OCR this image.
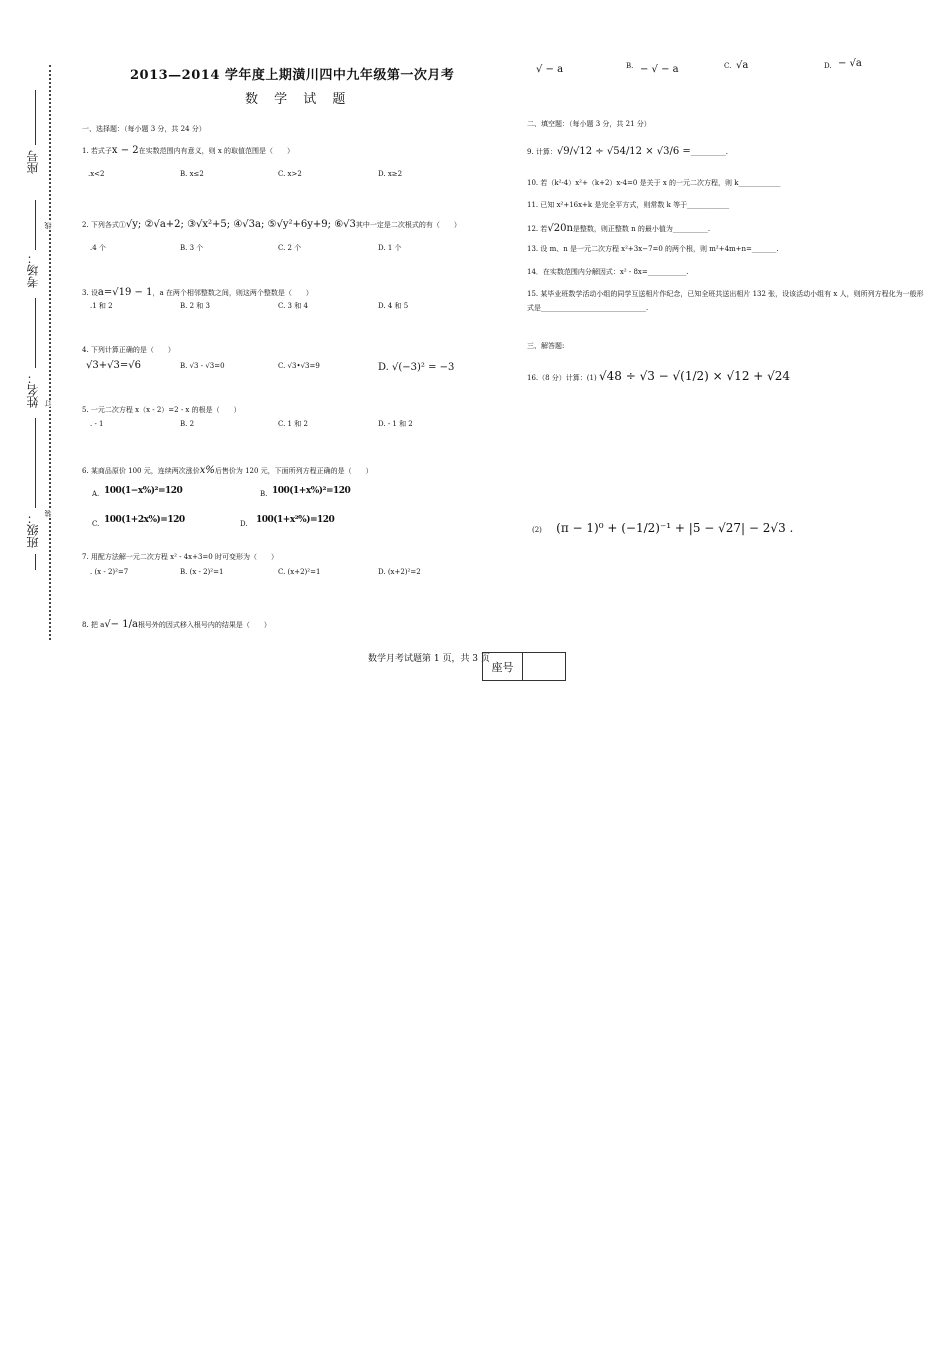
座号
考场：
姓名：
班级：
线
订
装
2013—2014 学年度上期潢川四中九年级第一次月考
数 学 试 题
一、选择题：（每小题 3 分，共 24 分）
1. 若式子x − 2在实数范围内有意义，则 x 的取值范围是（　　）
.x<2	B. x≤2	C. x>2	D. x≥2
2. 下列各式①√y; ②√a+2; ③√x²+5; ④√3a; ⑤√y²+6y+9; ⑥√3其中一定是二次根式的有（　　）
.4 个	B. 3 个	C. 2 个	D. 1 个
3. 设a=√19 − 1，a 在两个相邻整数之间，则这两个整数是（　　）
.1 和 2	B. 2 和 3	C. 3 和 4	D. 4 和 5
4. 下列计算正确的是（　　）
√3+√3=√6	B. √3 - √3=0	C. √3•√3=9	D. √(−3)² = −3
5. 一元二次方程 x（x - 2）=2 - x 的根是（　　）
. - 1	B. 2	C. 1 和 2	D. - 1 和 2
6. 某商品原价 100 元，连续两次涨价x%后售价为 120 元，下面所列方程正确的是（　　）
A. 100(1−x%)²=120	B. 100(1+x%)²=120
C. 100(1+2x%)=120	D. 100(1+x²%)=120
7. 用配方法解一元二次方程 x² - 4x+3=0 时可变形为（　　）
. (x - 2)²=7	B. (x - 2)²=1	C. (x+2)²=1	D. (x+2)²=2
8. 把 a√− 1/a根号外的因式移入根号内的结果是（　　）
√ − a	B. − √ − a	C. √a	D. − √a
二、填空题：（每小题 3 分，共 21 分）
9. 计算：√9/√12 ÷ √54/12 × √3/6 =__________.
10. 若（k²-4）x²+（k+2）x-4=0 是关于 x 的一元二次方程，则 k____________
11. 已知 x²+16x+k 是完全平方式，则常数 k 等于____________
12. 若√20n是整数，则正整数 n 的最小值为__________.
13. 设 m、n 是一元二次方程 x²+3x−7=0 的两个根，则 m²+4m+n=_______.
14．在实数范围内分解因式：x² - 8x=___________.
15. 某毕业班数学活动小组的同学互送相片作纪念，已知全班共送出相片 132 张，设该活动小组有 x 人，则所列方程化为一般形
式是______________________________.
三、解答题:
16.（8 分）计算：(1) √48 ÷ √3 − √(1/2) × √12 + √24
(2) (π − 1)⁰ + (−1/2)⁻¹ + |5 − √27| − 2√3 .
数学月考试题第 1 页，共 3 页
座号
